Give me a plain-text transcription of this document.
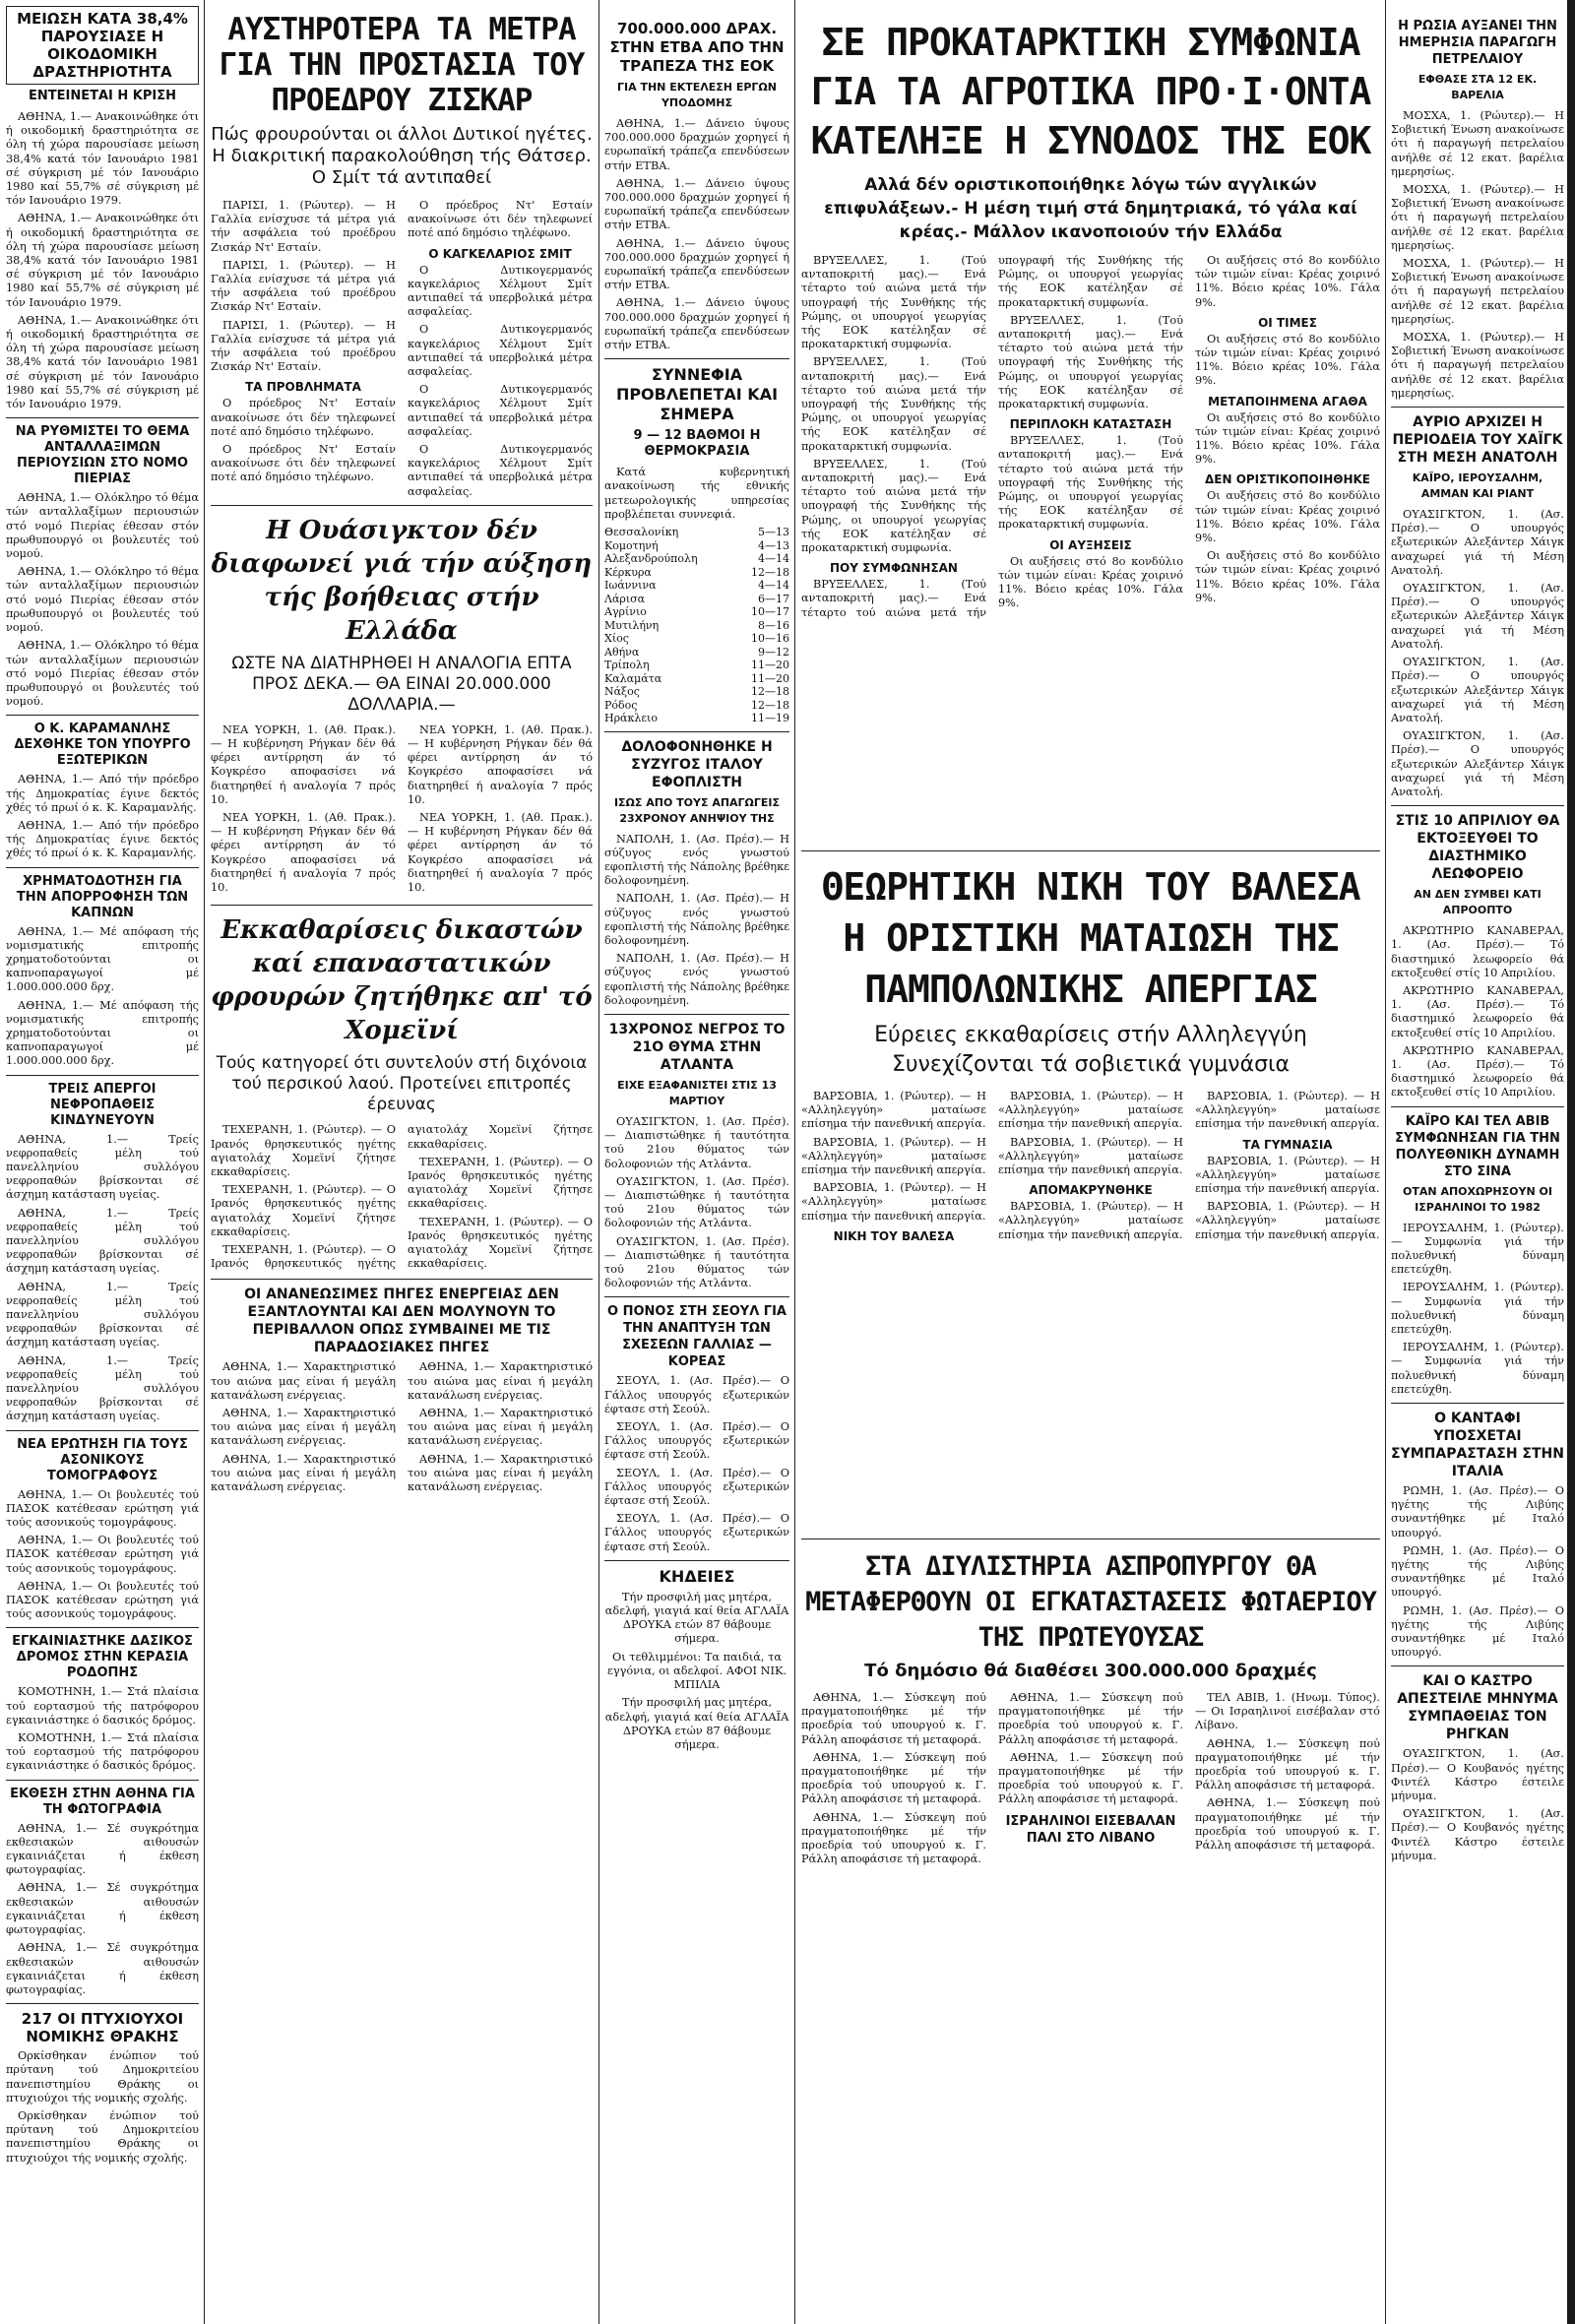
ΜΕΙΩΣΗ ΚΑΤΑ 38,4% ΠΑΡΟΥΣΙΑΣΕ Η ΟΙΚΟΔΟΜΙΚΗ ΔΡΑΣΤΗΡΙΟΤΗΤΑ
ΕΝΤΕΙΝΕΤΑΙ Η ΚΡΙΣΗ

ΑΘΗΝΑ, 1.— Ανακοινώθηκε ότι ή οικοδομική δραστηριότητα σε όλη τή χώρα παρουσίασε μείωση 38,4% κατά τόν Ιανουάριο 1981 σέ σύγκριση μέ τόν Ιανουάριο 1980 καί 55,7% σέ σύγκριση μέ τόν Ιανουάριο 1979.

ΑΘΗΝΑ, 1.— Ανακοινώθηκε ότι ή οικοδομική δραστηριότητα σε όλη τή χώρα παρουσίασε μείωση 38,4% κατά τόν Ιανουάριο 1981 σέ σύγκριση μέ τόν Ιανουάριο 1980 καί 55,7% σέ σύγκριση μέ τόν Ιανουάριο 1979.

ΑΘΗΝΑ, 1.— Ανακοινώθηκε ότι ή οικοδομική δραστηριότητα σε όλη τή χώρα παρουσίασε μείωση 38,4% κατά τόν Ιανουάριο 1981 σέ σύγκριση μέ τόν Ιανουάριο 1980 καί 55,7% σέ σύγκριση μέ τόν Ιανουάριο 1979.

ΝΑ ΡΥΘΜΙΣΤΕΙ ΤΟ ΘΕΜΑ ΑΝΤΑΛΛΑΞΙΜΩΝ ΠΕΡΙΟΥΣΙΩΝ ΣΤΟ ΝΟΜΟ ΠΙΕΡΙΑΣ

ΑΘΗΝΑ, 1.— Ολόκληρο τό θέμα τών ανταλλαξίμων περιουσιών στό νομό Πιερίας έθεσαν στόν πρωθυπουργό οι βουλευτές τού νομού.

ΑΘΗΝΑ, 1.— Ολόκληρο τό θέμα τών ανταλλαξίμων περιουσιών στό νομό Πιερίας έθεσαν στόν πρωθυπουργό οι βουλευτές τού νομού.

ΑΘΗΝΑ, 1.— Ολόκληρο τό θέμα τών ανταλλαξίμων περιουσιών στό νομό Πιερίας έθεσαν στόν πρωθυπουργό οι βουλευτές τού νομού.

Ο Κ. ΚΑΡΑΜΑΝΛΗΣ ΔΕΧΘΗΚΕ ΤΟΝ ΥΠΟΥΡΓΟ ΕΞΩΤΕΡΙΚΩΝ

ΑΘΗΝΑ, 1.— Από τήν πρόεδρο τής Δημοκρατίας έγινε δεκτός χθές τό πρωί ό κ. Κ. Καραμανλής.

ΑΘΗΝΑ, 1.— Από τήν πρόεδρο τής Δημοκρατίας έγινε δεκτός χθές τό πρωί ό κ. Κ. Καραμανλής.

ΧΡΗΜΑΤΟΔΟΤΗΣΗ ΓΙΑ ΤΗΝ ΑΠΟΡΡΟΦΗΣΗ ΤΩΝ ΚΑΠΝΩΝ

ΑΘΗΝΑ, 1.— Μέ απόφαση τής νομισματικής επιτροπής χρηματοδοτούνται οι καπνοπαραγωγοί μέ 1.000.000.000 δρχ.

ΑΘΗΝΑ, 1.— Μέ απόφαση τής νομισματικής επιτροπής χρηματοδοτούνται οι καπνοπαραγωγοί μέ 1.000.000.000 δρχ.

ΤΡΕΙΣ ΑΠΕΡΓΟΙ ΝΕΦΡΟΠΑΘΕΙΣ ΚΙΝΔΥΝΕΥΟΥΝ

ΑΘΗΝΑ, 1.— Τρείς νεφροπαθείς μέλη τού πανελληνίου συλλόγου νεφροπαθών βρίσκονται σέ άσχημη κατάσταση υγείας.

ΑΘΗΝΑ, 1.— Τρείς νεφροπαθείς μέλη τού πανελληνίου συλλόγου νεφροπαθών βρίσκονται σέ άσχημη κατάσταση υγείας.

ΑΘΗΝΑ, 1.— Τρείς νεφροπαθείς μέλη τού πανελληνίου συλλόγου νεφροπαθών βρίσκονται σέ άσχημη κατάσταση υγείας.

ΑΘΗΝΑ, 1.— Τρείς νεφροπαθείς μέλη τού πανελληνίου συλλόγου νεφροπαθών βρίσκονται σέ άσχημη κατάσταση υγείας.

ΝΕΑ ΕΡΩΤΗΣΗ ΓΙΑ ΤΟΥΣ ΑΣΟΝΙΚΟΥΣ ΤΟΜΟΓΡΑΦΟΥΣ

ΑΘΗΝΑ, 1.— Οι βουλευτές τού ΠΑΣΟΚ κατέθεσαν ερώτηση γιά τούς ασονικούς τομογράφους.

ΑΘΗΝΑ, 1.— Οι βουλευτές τού ΠΑΣΟΚ κατέθεσαν ερώτηση γιά τούς ασονικούς τομογράφους.

ΑΘΗΝΑ, 1.— Οι βουλευτές τού ΠΑΣΟΚ κατέθεσαν ερώτηση γιά τούς ασονικούς τομογράφους.

ΕΓΚΑΙΝΙΑΣΤΗΚΕ ΔΑΣΙΚΟΣ ΔΡΟΜΟΣ ΣΤΗΝ ΚΕΡΑΣΙΑ ΡΟΔΟΠΗΣ

ΚΟΜΟΤΗΝΗ, 1.— Στά πλαίσια τού εορτασμού τής πατρόφορου εγκαινιάστηκε ό δασικός δρόμος.

ΚΟΜΟΤΗΝΗ, 1.— Στά πλαίσια τού εορτασμού τής πατρόφορου εγκαινιάστηκε ό δασικός δρόμος.

ΕΚΘΕΣΗ ΣΤΗΝ ΑΘΗΝΑ ΓΙΑ ΤΗ ΦΩΤΟΓΡΑΦΙΑ

ΑΘΗΝΑ, 1.— Σέ συγκρότημα εκθεσιακών αιθουσών εγκαινιάζεται ή έκθεση φωτογραφίας.

ΑΘΗΝΑ, 1.— Σέ συγκρότημα εκθεσιακών αιθουσών εγκαινιάζεται ή έκθεση φωτογραφίας.

ΑΘΗΝΑ, 1.— Σέ συγκρότημα εκθεσιακών αιθουσών εγκαινιάζεται ή έκθεση φωτογραφίας.

217 ΟΙ ΠΤΥΧΙΟΥΧΟΙ ΝΟΜΙΚΗΣ ΘΡΑΚΗΣ

Ορκίσθηκαν ένώπιον τού πρύτανη τού Δημοκριτείου πανεπιστημίου Θράκης οι πτυχιούχοι τής νομικής σχολής.

Ορκίσθηκαν ένώπιον τού πρύτανη τού Δημοκριτείου πανεπιστημίου Θράκης οι πτυχιούχοι τής νομικής σχολής.

ΑΥΣΤΗΡΟΤΕΡΑ ΤΑ ΜΕΤΡΑ ΓΙΑ ΤΗΝ ΠΡΟΣΤΑΣΙΑ ΤΟΥ ΠΡΟΕΔΡΟΥ ΖΙΣΚΑΡ
Πώς φρουρούνται οι άλλοι Δυτικοί ηγέτες. Η διακριτική παρακολούθηση τής Θάτσερ. Ο Σμίτ τά αντιπαθεί

ΠΑΡΙΣΙ, 1. (Ρώυτερ). — Η Γαλλία ενίσχυσε τά μέτρα γιά τήν ασφάλεια τού προέδρου Ζισκάρ Ντ' Εσταίν.

ΠΑΡΙΣΙ, 1. (Ρώυτερ). — Η Γαλλία ενίσχυσε τά μέτρα γιά τήν ασφάλεια τού προέδρου Ζισκάρ Ντ' Εσταίν.

ΠΑΡΙΣΙ, 1. (Ρώυτερ). — Η Γαλλία ενίσχυσε τά μέτρα γιά τήν ασφάλεια τού προέδρου Ζισκάρ Ντ' Εσταίν.

ΤΑ ΠΡΟΒΛΗΜΑΤΑ

Ο πρόεδρος Ντ' Εσταίν ανακοίνωσε ότι δέν τηλεφωνεί ποτέ από δημόσιο τηλέφωνο.

Ο πρόεδρος Ντ' Εσταίν ανακοίνωσε ότι δέν τηλεφωνεί ποτέ από δημόσιο τηλέφωνο.

Ο πρόεδρος Ντ' Εσταίν ανακοίνωσε ότι δέν τηλεφωνεί ποτέ από δημόσιο τηλέφωνο.

Ο ΚΑΓΚΕΛΑΡΙΟΣ ΣΜΙΤ

Ο Δυτικογερμανός καγκελάριος Χέλμουτ Σμίτ αντιπαθεί τά υπερβολικά μέτρα ασφαλείας.

Ο Δυτικογερμανός καγκελάριος Χέλμουτ Σμίτ αντιπαθεί τά υπερβολικά μέτρα ασφαλείας.

Ο Δυτικογερμανός καγκελάριος Χέλμουτ Σμίτ αντιπαθεί τά υπερβολικά μέτρα ασφαλείας.

Ο Δυτικογερμανός καγκελάριος Χέλμουτ Σμίτ αντιπαθεί τά υπερβολικά μέτρα ασφαλείας.

Η Ουάσιγκτον δέν διαφωνεί γιά τήν αύξηση τής βοήθειας στήν Ελλάδα
ΩΣΤΕ ΝΑ ΔΙΑΤΗΡΗΘΕΙ Η ΑΝΑΛΟΓΙΑ ΕΠΤΑ ΠΡΟΣ ΔΕΚΑ.— ΘΑ ΕΙΝΑΙ 20.000.000 ΔΟΛΛΑΡΙΑ.—

ΝΕΑ ΥΟΡΚΗ, 1. (Αθ. Πρακ.). — Η κυβέρνηση Ρήγκαν δέν θά φέρει αντίρρηση άν τό Κογκρέσο αποφασίσει νά διατηρηθεί ή αναλογία 7 πρός 10.

ΝΕΑ ΥΟΡΚΗ, 1. (Αθ. Πρακ.). — Η κυβέρνηση Ρήγκαν δέν θά φέρει αντίρρηση άν τό Κογκρέσο αποφασίσει νά διατηρηθεί ή αναλογία 7 πρός 10.

ΝΕΑ ΥΟΡΚΗ, 1. (Αθ. Πρακ.). — Η κυβέρνηση Ρήγκαν δέν θά φέρει αντίρρηση άν τό Κογκρέσο αποφασίσει νά διατηρηθεί ή αναλογία 7 πρός 10.

ΝΕΑ ΥΟΡΚΗ, 1. (Αθ. Πρακ.). — Η κυβέρνηση Ρήγκαν δέν θά φέρει αντίρρηση άν τό Κογκρέσο αποφασίσει νά διατηρηθεί ή αναλογία 7 πρός 10.

Εκκαθαρίσεις δικαστών καί επαναστατικών φρουρών ζητήθηκε απ' τό Χομεϊνί
Τούς κατηγορεί ότι συντελούν στή διχόνοια τού περσικού λαού. Προτείνει επιτροπές έρευνας

ΤΕΧΕΡΑΝΗ, 1. (Ρώυτερ). — Ο Ιρανός θρησκευτικός ηγέτης αγιατολάχ Χομεϊνί ζήτησε εκκαθαρίσεις.

ΤΕΧΕΡΑΝΗ, 1. (Ρώυτερ). — Ο Ιρανός θρησκευτικός ηγέτης αγιατολάχ Χομεϊνί ζήτησε εκκαθαρίσεις.

ΤΕΧΕΡΑΝΗ, 1. (Ρώυτερ). — Ο Ιρανός θρησκευτικός ηγέτης αγιατολάχ Χομεϊνί ζήτησε εκκαθαρίσεις.

ΤΕΧΕΡΑΝΗ, 1. (Ρώυτερ). — Ο Ιρανός θρησκευτικός ηγέτης αγιατολάχ Χομεϊνί ζήτησε εκκαθαρίσεις.

ΤΕΧΕΡΑΝΗ, 1. (Ρώυτερ). — Ο Ιρανός θρησκευτικός ηγέτης αγιατολάχ Χομεϊνί ζήτησε εκκαθαρίσεις.

ΟΙ ΑΝΑΝΕΩΣΙΜΕΣ ΠΗΓΕΣ ΕΝΕΡΓΕΙΑΣ ΔΕΝ ΕΞΑΝΤΛΟΥΝΤΑΙ ΚΑΙ ΔΕΝ ΜΟΛΥΝΟΥΝ ΤΟ ΠΕΡΙΒΑΛΛΟΝ ΟΠΩΣ ΣΥΜΒΑΙΝΕΙ ΜΕ ΤΙΣ ΠΑΡΑΔΟΣΙΑΚΕΣ ΠΗΓΕΣ

ΑΘΗΝΑ, 1.— Χαρακτηριστικό του αιώνα μας είναι ή μεγάλη κατανάλωση ενέργειας.

ΑΘΗΝΑ, 1.— Χαρακτηριστικό του αιώνα μας είναι ή μεγάλη κατανάλωση ενέργειας.

ΑΘΗΝΑ, 1.— Χαρακτηριστικό του αιώνα μας είναι ή μεγάλη κατανάλωση ενέργειας.

ΑΘΗΝΑ, 1.— Χαρακτηριστικό του αιώνα μας είναι ή μεγάλη κατανάλωση ενέργειας.

ΑΘΗΝΑ, 1.— Χαρακτηριστικό του αιώνα μας είναι ή μεγάλη κατανάλωση ενέργειας.

ΑΘΗΝΑ, 1.— Χαρακτηριστικό του αιώνα μας είναι ή μεγάλη κατανάλωση ενέργειας.

700.000.000 ΔΡΑΧ. ΣΤΗΝ ΕΤΒΑ ΑΠΟ ΤΗΝ ΤΡΑΠΕΖΑ ΤΗΣ ΕΟΚ
ΓΙΑ ΤΗΝ ΕΚΤΕΛΕΣΗ ΕΡΓΩΝ ΥΠΟΔΟΜΗΣ

ΑΘΗΝΑ, 1.— Δάνειο ύψους 700.000.000 δραχμών χορηγεί ή ευρωπαϊκή τράπεζα επενδύσεων στήν ΕΤΒΑ.

ΑΘΗΝΑ, 1.— Δάνειο ύψους 700.000.000 δραχμών χορηγεί ή ευρωπαϊκή τράπεζα επενδύσεων στήν ΕΤΒΑ.

ΑΘΗΝΑ, 1.— Δάνειο ύψους 700.000.000 δραχμών χορηγεί ή ευρωπαϊκή τράπεζα επενδύσεων στήν ΕΤΒΑ.

ΑΘΗΝΑ, 1.— Δάνειο ύψους 700.000.000 δραχμών χορηγεί ή ευρωπαϊκή τράπεζα επενδύσεων στήν ΕΤΒΑ.

ΣΥΝΝΕΦΙΑ ΠΡΟΒΛΕΠΕΤΑΙ ΚΑΙ ΣΗΜΕΡΑ
9 — 12 ΒΑΘΜΟΙ Η ΘΕΡΜΟΚΡΑΣΙΑ

Κατά κυβερνητική ανακοίνωση τής εθνικής μετεωρολογικής υπηρεσίας προβλέπεται συννεφιά.

Θεσσαλονίκη	5—13
Κομοτηνή	4—13
Αλεξανδρούπολη	4—14
Κέρκυρα	12—18
Ιωάννινα	4—14
Λάρισα	6—17
Αγρίνιο	10—17
Μυτιλήνη	8—16
Χίος	10—16
Αθήνα	9—12
Τρίπολη	11—20
Καλαμάτα	11—20
Νάξος	12—18
Ρόδος	12—18
Ηράκλειο	11—19
ΔΟΛΟΦΟΝΗΘΗΚΕ Η ΣΥΖΥΓΟΣ ΙΤΑΛΟΥ ΕΦΟΠΛΙΣΤΗ
ΙΣΩΣ ΑΠΟ ΤΟΥΣ ΑΠΑΓΩΓΕΙΣ 23ΧΡΟΝΟΥ ΑΝΗΨΙΟΥ ΤΗΣ

ΝΑΠΟΛΗ, 1. (Ασ. Πρέσ).— Η σύζυγος ενός γνωστού εφοπλιστή τής Νάπολης βρέθηκε δολοφονημένη.

ΝΑΠΟΛΗ, 1. (Ασ. Πρέσ).— Η σύζυγος ενός γνωστού εφοπλιστή τής Νάπολης βρέθηκε δολοφονημένη.

ΝΑΠΟΛΗ, 1. (Ασ. Πρέσ).— Η σύζυγος ενός γνωστού εφοπλιστή τής Νάπολης βρέθηκε δολοφονημένη.

13ΧΡΟΝΟΣ ΝΕΓΡΟΣ ΤΟ 21Ο ΘΥΜΑ ΣΤΗΝ ΑΤΛΑΝΤΑ
ΕΙΧΕ ΕΞΑΦΑΝΙΣΤΕΙ ΣΤΙΣ 13 ΜΑΡΤΙΟΥ

ΟΥΑΣΙΓΚΤΟΝ, 1. (Ασ. Πρέσ).— Διαπιστώθηκε ή ταυτότητα τού 21ου θύματος τών δολοφονιών τής Ατλάντα.

ΟΥΑΣΙΓΚΤΟΝ, 1. (Ασ. Πρέσ).— Διαπιστώθηκε ή ταυτότητα τού 21ου θύματος τών δολοφονιών τής Ατλάντα.

ΟΥΑΣΙΓΚΤΟΝ, 1. (Ασ. Πρέσ).— Διαπιστώθηκε ή ταυτότητα τού 21ου θύματος τών δολοφονιών τής Ατλάντα.

Ο ΠΟΝΟΣ ΣΤΗ ΣΕΟΥΛ ΓΙΑ ΤΗΝ ΑΝΑΠΤΥΞΗ ΤΩΝ ΣΧΕΣΕΩΝ ΓΑΛΛΙΑΣ — ΚΟΡΕΑΣ

ΣΕΟΥΛ, 1. (Ασ. Πρέσ).— Ο Γάλλος υπουργός εξωτερικών έφτασε στή Σεούλ.

ΣΕΟΥΛ, 1. (Ασ. Πρέσ).— Ο Γάλλος υπουργός εξωτερικών έφτασε στή Σεούλ.

ΣΕΟΥΛ, 1. (Ασ. Πρέσ).— Ο Γάλλος υπουργός εξωτερικών έφτασε στή Σεούλ.

ΣΕΟΥΛ, 1. (Ασ. Πρέσ).— Ο Γάλλος υπουργός εξωτερικών έφτασε στή Σεούλ.

ΚΗΔΕΙΕΣ

Τήν προσφιλή μας μητέρα, αδελφή, γιαγιά καί θεία ΑΓΛΑΪΑ ΔΡΟΥΚΑ ετών 87 θάβουμε σήμερα.

Οι τεθλιμμένοι: Τα παιδιά, τα εγγόνια, οι αδελφοί. ΑΦΟΙ ΝΙΚ. ΜΠΙΛΙΑ

Τήν προσφιλή μας μητέρα, αδελφή, γιαγιά καί θεία ΑΓΛΑΪΑ ΔΡΟΥΚΑ ετών 87 θάβουμε σήμερα.

ΣΕ ΠΡΟΚΑΤΑΡΚΤΙΚΗ ΣΥΜΦΩΝΙΑ ΓΙΑ ΤΑ ΑΓΡΟΤΙΚΑ ΠΡΟ·Ι·ΟΝΤΑ ΚΑΤΕΛΗΞΕ Η ΣΥΝΟΔΟΣ ΤΗΣ ΕΟΚ
Αλλά δέν οριστικοποιήθηκε λόγω τών αγγλικών επιφυλάξεων.- Η μέση τιμή στά δημητριακά, τό γάλα καί κρέας.- Μάλλον ικανοποιούν τήν Ελλάδα

ΒΡΥΞΕΛΛΕΣ, 1. (Τού ανταποκριτή μας).— Ενά τέταρτο τού αιώνα μετά τήν υπογραφή τής Συνθήκης τής Ρώμης, οι υπουργοί γεωργίας τής ΕΟΚ κατέληξαν σέ προκαταρκτική συμφωνία.

ΒΡΥΞΕΛΛΕΣ, 1. (Τού ανταποκριτή μας).— Ενά τέταρτο τού αιώνα μετά τήν υπογραφή τής Συνθήκης τής Ρώμης, οι υπουργοί γεωργίας τής ΕΟΚ κατέληξαν σέ προκαταρκτική συμφωνία.

ΒΡΥΞΕΛΛΕΣ, 1. (Τού ανταποκριτή μας).— Ενά τέταρτο τού αιώνα μετά τήν υπογραφή τής Συνθήκης τής Ρώμης, οι υπουργοί γεωργίας τής ΕΟΚ κατέληξαν σέ προκαταρκτική συμφωνία.

ΠΟΥ ΣΥΜΦΩΝΗΣΑΝ

ΒΡΥΞΕΛΛΕΣ, 1. (Τού ανταποκριτή μας).— Ενά τέταρτο τού αιώνα μετά τήν υπογραφή τής Συνθήκης τής Ρώμης, οι υπουργοί γεωργίας τής ΕΟΚ κατέληξαν σέ προκαταρκτική συμφωνία.

ΒΡΥΞΕΛΛΕΣ, 1. (Τού ανταποκριτή μας).— Ενά τέταρτο τού αιώνα μετά τήν υπογραφή τής Συνθήκης τής Ρώμης, οι υπουργοί γεωργίας τής ΕΟΚ κατέληξαν σέ προκαταρκτική συμφωνία.

ΠΕΡΙΠΛΟΚΗ ΚΑΤΑΣΤΑΣΗ

ΒΡΥΞΕΛΛΕΣ, 1. (Τού ανταποκριτή μας).— Ενά τέταρτο τού αιώνα μετά τήν υπογραφή τής Συνθήκης τής Ρώμης, οι υπουργοί γεωργίας τής ΕΟΚ κατέληξαν σέ προκαταρκτική συμφωνία.

ΟΙ ΑΥΞΗΣΕΙΣ

Οι αυξήσεις στό 8ο κονδύλιο τών τιμών είναι: Κρέας χοιρινό 11%. Βόειο κρέας 10%. Γάλα 9%.

Οι αυξήσεις στό 8ο κονδύλιο τών τιμών είναι: Κρέας χοιρινό 11%. Βόειο κρέας 10%. Γάλα 9%.

ΟΙ ΤΙΜΕΣ

Οι αυξήσεις στό 8ο κονδύλιο τών τιμών είναι: Κρέας χοιρινό 11%. Βόειο κρέας 10%. Γάλα 9%.

ΜΕΤΑΠΟΙΗΜΕΝΑ ΑΓΑΘΑ

Οι αυξήσεις στό 8ο κονδύλιο τών τιμών είναι: Κρέας χοιρινό 11%. Βόειο κρέας 10%. Γάλα 9%.

ΔΕΝ ΟΡΙΣΤΙΚΟΠΟΙΗΘΗΚΕ

Οι αυξήσεις στό 8ο κονδύλιο τών τιμών είναι: Κρέας χοιρινό 11%. Βόειο κρέας 10%. Γάλα 9%.

Οι αυξήσεις στό 8ο κονδύλιο τών τιμών είναι: Κρέας χοιρινό 11%. Βόειο κρέας 10%. Γάλα 9%.

ΘΕΩΡΗΤΙΚΗ ΝΙΚΗ ΤΟΥ ΒΑΛΕΣΑ Η ΟΡΙΣΤΙΚΗ ΜΑΤΑΙΩΣΗ ΤΗΣ ΠΑΜΠΟΛΩΝΙΚΗΣ ΑΠΕΡΓΙΑΣ
Εύρειες εκκαθαρίσεις στήν Αλληλεγγύη Συνεχίζονται τά σοβιετικά γυμνάσια

ΒΑΡΣΟΒΙΑ, 1. (Ρώυτερ). — Η «Αλληλεγγύη» ματαίωσε επίσημα τήν πανεθνική απεργία.

ΒΑΡΣΟΒΙΑ, 1. (Ρώυτερ). — Η «Αλληλεγγύη» ματαίωσε επίσημα τήν πανεθνική απεργία.

ΒΑΡΣΟΒΙΑ, 1. (Ρώυτερ). — Η «Αλληλεγγύη» ματαίωσε επίσημα τήν πανεθνική απεργία.

ΝΙΚΗ ΤΟΥ ΒΑΛΕΣΑ

ΒΑΡΣΟΒΙΑ, 1. (Ρώυτερ). — Η «Αλληλεγγύη» ματαίωσε επίσημα τήν πανεθνική απεργία.

ΒΑΡΣΟΒΙΑ, 1. (Ρώυτερ). — Η «Αλληλεγγύη» ματαίωσε επίσημα τήν πανεθνική απεργία.

ΑΠΟΜΑΚΡΥΝΘΗΚΕ

ΒΑΡΣΟΒΙΑ, 1. (Ρώυτερ). — Η «Αλληλεγγύη» ματαίωσε επίσημα τήν πανεθνική απεργία.

ΒΑΡΣΟΒΙΑ, 1. (Ρώυτερ). — Η «Αλληλεγγύη» ματαίωσε επίσημα τήν πανεθνική απεργία.

ΤΑ ΓΥΜΝΑΣΙΑ

ΒΑΡΣΟΒΙΑ, 1. (Ρώυτερ). — Η «Αλληλεγγύη» ματαίωσε επίσημα τήν πανεθνική απεργία.

ΒΑΡΣΟΒΙΑ, 1. (Ρώυτερ). — Η «Αλληλεγγύη» ματαίωσε επίσημα τήν πανεθνική απεργία.

ΣΤΑ ΔΙΥΛΙΣΤΗΡΙΑ ΑΣΠΡΟΠΥΡΓΟΥ ΘΑ ΜΕΤΑΦΕΡΘΟΥΝ ΟΙ ΕΓΚΑΤΑΣΤΑΣΕΙΣ ΦΩΤΑΕΡΙΟΥ ΤΗΣ ΠΡΩΤΕΥΟΥΣΑΣ
Τό δημόσιο θά διαθέσει 300.000.000 δραχμές

ΑΘΗΝΑ, 1.— Σύσκεψη πού πραγματοποιήθηκε μέ τήν προεδρία τού υπουργού κ. Γ. Ράλλη αποφάσισε τή μεταφορά.

ΑΘΗΝΑ, 1.— Σύσκεψη πού πραγματοποιήθηκε μέ τήν προεδρία τού υπουργού κ. Γ. Ράλλη αποφάσισε τή μεταφορά.

ΑΘΗΝΑ, 1.— Σύσκεψη πού πραγματοποιήθηκε μέ τήν προεδρία τού υπουργού κ. Γ. Ράλλη αποφάσισε τή μεταφορά.

ΑΘΗΝΑ, 1.— Σύσκεψη πού πραγματοποιήθηκε μέ τήν προεδρία τού υπουργού κ. Γ. Ράλλη αποφάσισε τή μεταφορά.

ΑΘΗΝΑ, 1.— Σύσκεψη πού πραγματοποιήθηκε μέ τήν προεδρία τού υπουργού κ. Γ. Ράλλη αποφάσισε τή μεταφορά.

ΙΣΡΑΗΛΙΝΟΙ ΕΙΣΕΒΑΛΑΝ ΠΑΛΙ ΣΤΟ ΛΙΒΑΝΟ

ΤΕΛ ΑΒΙΒ, 1. (Ηνωμ. Τύπος).— Οι Ισραηλινοί εισέβαλαν στό Λίβανο.

ΑΘΗΝΑ, 1.— Σύσκεψη πού πραγματοποιήθηκε μέ τήν προεδρία τού υπουργού κ. Γ. Ράλλη αποφάσισε τή μεταφορά.

ΑΘΗΝΑ, 1.— Σύσκεψη πού πραγματοποιήθηκε μέ τήν προεδρία τού υπουργού κ. Γ. Ράλλη αποφάσισε τή μεταφορά.

Η ΡΩΣΙΑ ΑΥΞΑΝΕΙ ΤΗΝ ΗΜΕΡΗΣΙΑ ΠΑΡΑΓΩΓΗ ΠΕΤΡΕΛΑΙΟΥ
ΕΦΘΑΣΕ ΣΤΑ 12 ΕΚ. ΒΑΡΕΛΙΑ

ΜΟΣΧΑ, 1. (Ρώυτερ).— Η Σοβιετική Ένωση ανακοίνωσε ότι ή παραγωγή πετρελαίου ανήλθε σέ 12 εκατ. βαρέλια ημερησίως.

ΜΟΣΧΑ, 1. (Ρώυτερ).— Η Σοβιετική Ένωση ανακοίνωσε ότι ή παραγωγή πετρελαίου ανήλθε σέ 12 εκατ. βαρέλια ημερησίως.

ΜΟΣΧΑ, 1. (Ρώυτερ).— Η Σοβιετική Ένωση ανακοίνωσε ότι ή παραγωγή πετρελαίου ανήλθε σέ 12 εκατ. βαρέλια ημερησίως.

ΜΟΣΧΑ, 1. (Ρώυτερ).— Η Σοβιετική Ένωση ανακοίνωσε ότι ή παραγωγή πετρελαίου ανήλθε σέ 12 εκατ. βαρέλια ημερησίως.

ΑΥΡΙΟ ΑΡΧΙΖΕΙ Η ΠΕΡΙΟΔΕΙΑ ΤΟΥ ΧΑΪΓΚ ΣΤΗ ΜΕΣΗ ΑΝΑΤΟΛΗ
ΚΑΪΡΟ, ΙΕΡΟΥΣΑΛΗΜ, ΑΜΜΑΝ ΚΑΙ ΡΙΑΝΤ

ΟΥΑΣΙΓΚΤΟΝ, 1. (Ασ. Πρέσ).— Ο υπουργός εξωτερικών Αλεξάντερ Χάιγκ αναχωρεί γιά τή Μέση Ανατολή.

ΟΥΑΣΙΓΚΤΟΝ, 1. (Ασ. Πρέσ).— Ο υπουργός εξωτερικών Αλεξάντερ Χάιγκ αναχωρεί γιά τή Μέση Ανατολή.

ΟΥΑΣΙΓΚΤΟΝ, 1. (Ασ. Πρέσ).— Ο υπουργός εξωτερικών Αλεξάντερ Χάιγκ αναχωρεί γιά τή Μέση Ανατολή.

ΟΥΑΣΙΓΚΤΟΝ, 1. (Ασ. Πρέσ).— Ο υπουργός εξωτερικών Αλεξάντερ Χάιγκ αναχωρεί γιά τή Μέση Ανατολή.

ΣΤΙΣ 10 ΑΠΡΙΛΙΟΥ ΘΑ ΕΚΤΟΞΕΥΘΕΙ ΤΟ ΔΙΑΣΤΗΜΙΚΟ ΛΕΩΦΟΡΕΙΟ
ΑΝ ΔΕΝ ΣΥΜΒΕΙ ΚΑΤΙ ΑΠΡΟΟΠΤΟ

ΑΚΡΩΤΗΡΙΟ ΚΑΝΑΒΕΡΑΛ, 1. (Ασ. Πρέσ).— Τό διαστημικό λεωφορείο θά εκτοξευθεί στίς 10 Απριλίου.

ΑΚΡΩΤΗΡΙΟ ΚΑΝΑΒΕΡΑΛ, 1. (Ασ. Πρέσ).— Τό διαστημικό λεωφορείο θά εκτοξευθεί στίς 10 Απριλίου.

ΑΚΡΩΤΗΡΙΟ ΚΑΝΑΒΕΡΑΛ, 1. (Ασ. Πρέσ).— Τό διαστημικό λεωφορείο θά εκτοξευθεί στίς 10 Απριλίου.

ΚΑΪΡΟ ΚΑΙ ΤΕΛ ΑΒΙΒ ΣΥΜΦΩΝΗΣΑΝ ΓΙΑ ΤΗΝ ΠΟΛΥΕΘΝΙΚΗ ΔΥΝΑΜΗ ΣΤΟ ΣΙΝΑ
ΟΤΑΝ ΑΠΟΧΩΡΗΣΟΥΝ ΟΙ ΙΣΡΑΗΛΙΝΟΙ ΤΟ 1982

ΙΕΡΟΥΣΑΛΗΜ, 1. (Ρώυτερ).— Συμφωνία γιά τήν πολυεθνική δύναμη επετεύχθη.

ΙΕΡΟΥΣΑΛΗΜ, 1. (Ρώυτερ).— Συμφωνία γιά τήν πολυεθνική δύναμη επετεύχθη.

ΙΕΡΟΥΣΑΛΗΜ, 1. (Ρώυτερ).— Συμφωνία γιά τήν πολυεθνική δύναμη επετεύχθη.

Ο ΚΑΝΤΑΦΙ ΥΠΟΣΧΕΤΑΙ ΣΥΜΠΑΡΑΣΤΑΣΗ ΣΤΗΝ ΙΤΑΛΙΑ

ΡΩΜΗ, 1. (Ασ. Πρέσ).— Ο ηγέτης τής Λιβύης συναντήθηκε μέ Ιταλό υπουργό.

ΡΩΜΗ, 1. (Ασ. Πρέσ).— Ο ηγέτης τής Λιβύης συναντήθηκε μέ Ιταλό υπουργό.

ΡΩΜΗ, 1. (Ασ. Πρέσ).— Ο ηγέτης τής Λιβύης συναντήθηκε μέ Ιταλό υπουργό.

ΚΑΙ Ο ΚΑΣΤΡΟ ΑΠΕΣΤΕΙΛΕ ΜΗΝΥΜΑ ΣΥΜΠΑΘΕΙΑΣ ΤΟΝ ΡΗΓΚΑΝ

ΟΥΑΣΙΓΚΤΟΝ, 1. (Ασ. Πρέσ).— Ο Κουβανός ηγέτης Φιντέλ Κάστρο έστειλε μήνυμα.

ΟΥΑΣΙΓΚΤΟΝ, 1. (Ασ. Πρέσ).— Ο Κουβανός ηγέτης Φιντέλ Κάστρο έστειλε μήνυμα.
